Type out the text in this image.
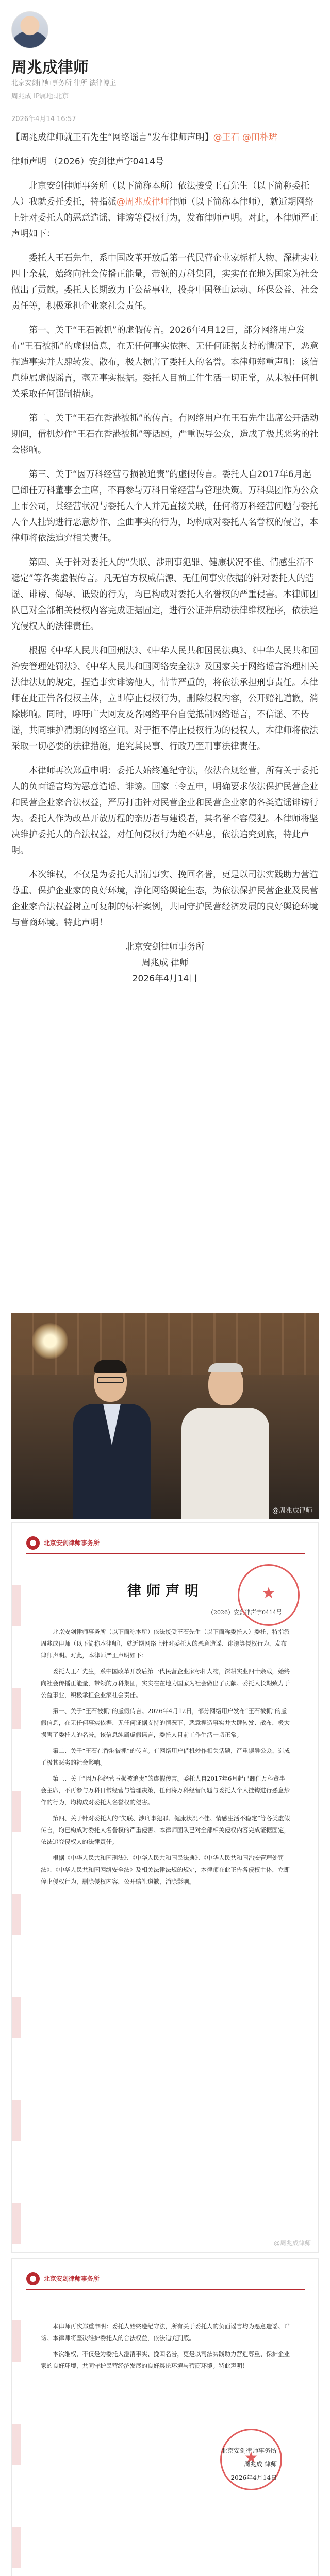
周兆成律师
北京安剑律师事务所 律所 法律博主
周兆成 IP属地:北京
2026年4月14 16:57

【周兆成律师就王石先生“网络谣言”发布律师声明】@王石 @田朴珺

律师声明 （2026）安剑律声字0414号

北京安剑律师事务所（以下简称本所）依法接受王石先生（以下简称委托人）我就委托委托，特指派@周兆成律师律师（以下简称本律师），就近期网络上针对委托人的恶意造谣、诽谤等侵权行为，发布律师声明。对此，本律师严正声明如下：

委托人王石先生，系中国改革开放后第一代民营企业家标杆人物、深耕实业四十余载，始终向社会传播正能量，带领的万科集团，实实在在地为国家为社会做出了贡献。委托人长期致力于公益事业，投身中国登山运动、环保公益、社会责任等，积极承担企业家社会责任。

第一、关于“王石被抓”的虚假传言。2026年4月12日，部分网络用户发布“王石被抓”的虚假信息，在无任何事实依据、无任何证据支持的情况下，恶意捏造事实并大肆转发、散布，极大损害了委托人的名誉。本律师郑重声明：该信息纯属虚假谣言，毫无事实根据。委托人目前工作生活一切正常，从未被任何机关采取任何强制措施。

第二、关于“王石在香港被抓”的传言。有网络用户在王石先生出席公开活动期间，借机炒作“王石在香港被抓”等话题，严重误导公众，造成了极其恶劣的社会影响。

第三、关于“因万科经营亏损被追责”的虚假传言。委托人自2017年6月起已卸任万科董事会主席，不再参与万科日常经营与管理决策。万科集团作为公众上市公司，其经营状况与委托人个人并无直接关联，任何将万科经营问题与委托人个人挂钩进行恶意炒作、歪曲事实的行为，均构成对委托人名誉权的侵害，本律师将依法追究相关责任。

第四、关于针对委托人的“失联、涉刑事犯罪、健康状况不佳、情感生活不稳定”等各类虚假传言。凡无官方权威信源、无任何事实依据的针对委托人的造谣、诽谤、侮辱、诋毁的行为，均已构成对委托人名誉权的严重侵害。本律师团队已对全部相关侵权内容完成证据固定，进行公证并启动法律维权程序，依法追究侵权人的法律责任。

根据《中华人民共和国刑法》、《中华人民共和国民法典》、《中华人民共和国治安管理处罚法》、《中华人民共和国网络安全法》及国家关于网络谣言治理相关法律法规的规定，捏造事实诽谤他人，情节严重的，将依法承担刑事责任。本律师在此正告各侵权主体，立即停止侵权行为，删除侵权内容，公开赔礼道歉，消除影响。同时，呼吁广大网友及各网络平台自觉抵制网络谣言，不信谣、不传谣，共同维护清朗的网络空间。对于拒不停止侵权行为的侵权人，本律师将依法采取一切必要的法律措施，追究其民事、行政乃至刑事法律责任。

本律师再次郑重申明：委托人始终遵纪守法，依法合规经营，所有关于委托人的负面谣言均为恶意造谣、诽谤。国家三令五申，明确要求依法保护民营企业和民营企业家合法权益，严厉打击针对民营企业和民营企业家的各类造谣诽谤行为。委托人作为改革开放历程的亲历者与建设者，其名誉不容侵犯。本律师将坚决维护委托人的合法权益，对任何侵权行为绝不姑息，依法追究到底，特此声明。

本次维权，不仅是为委托人清清事实、挽回名誉，更是以司法实践助力营造尊重、保护企业家的良好环境，净化网络舆论生态，为依法保护民营企业及民营企业家合法权益树立可复制的标杆案例，共同守护民营经济发展的良好舆论环境与营商环境。特此声明！

北京安剑律师事务所

周兆成 律师

2026年4月14日

@周兆成律师
北京安剑律师事务所
★
律师声明
（2026）安剑律声字0414号

北京安剑律师事务所（以下简称本所）依法接受王石先生（以下简称委托人）委托，特指派周兆成律师（以下简称本律师），就近期网络上针对委托人的恶意造谣、诽谤等侵权行为，发布律师声明。对此，本律师严正声明如下：

委托人王石先生，系中国改革开放后第一代民营企业家标杆人物，深耕实业四十余载，始终向社会传播正能量，带领的万科集团，实实在在地为国家为社会做出了贡献。委托人长期致力于公益事业，积极承担企业家社会责任。

第一、关于“王石被抓”的虚假传言。2026年4月12日，部分网络用户发布“王石被抓”的虚假信息，在无任何事实依据、无任何证据支持的情况下，恶意捏造事实并大肆转发、散布，极大损害了委托人的名誉。该信息纯属虚假谣言，委托人目前工作生活一切正常。

第二、关于“王石在香港被抓”的传言。有网络用户借机炒作相关话题，严重误导公众，造成了极其恶劣的社会影响。

第三、关于“因万科经营亏损被追责”的虚假传言。委托人自2017年6月起已卸任万科董事会主席，不再参与万科日常经营与管理决策，任何将万科经营问题与委托人个人挂钩进行恶意炒作的行为，均构成对委托人名誉权的侵害。

第四、关于针对委托人的“失联、涉刑事犯罪、健康状况不佳、情感生活不稳定”等各类虚假传言，均已构成对委托人名誉权的严重侵害。本律师团队已对全部相关侵权内容完成证据固定，依法追究侵权人的法律责任。

根据《中华人民共和国刑法》、《中华人民共和国民法典》、《中华人民共和国治安管理处罚法》、《中华人民共和国网络安全法》及相关法律法规的规定，本律师在此正告各侵权主体，立即停止侵权行为，删除侵权内容，公开赔礼道歉，消除影响。

@周兆成律师
北京安剑律师事务所

本律师再次郑重申明：委托人始终遵纪守法，所有关于委托人的负面谣言均为恶意造谣、诽谤。本律师将坚决维护委托人的合法权益，依法追究到底。

本次维权，不仅是为委托人澄清事实、挽回名誉，更是以司法实践助力营造尊重、保护企业家的良好环境，共同守护民营经济发展的良好舆论环境与营商环境。特此声明！

★
北京安剑律师事务所
周兆成 律师
2026年4月14日
